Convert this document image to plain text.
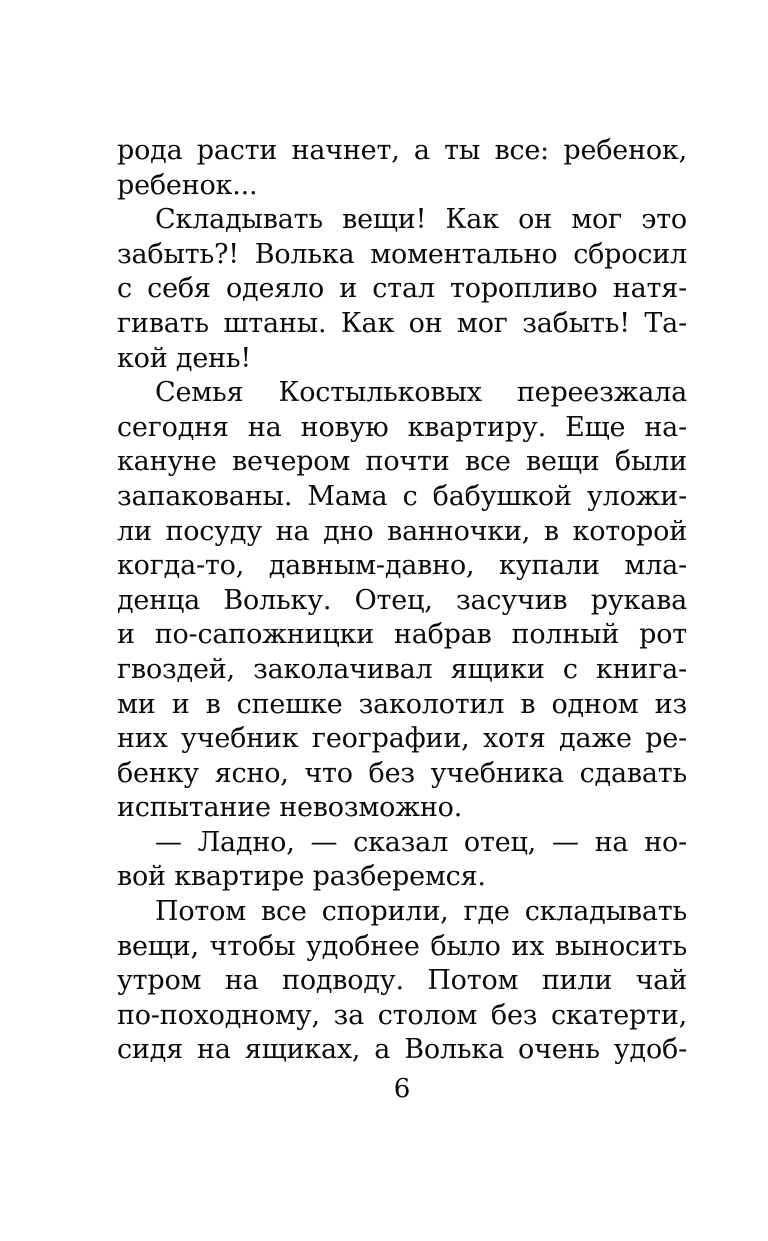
рода расти начнет, а ты все: ребенок,
ребенок...
Складывать вещи! Как он мог это
забыть?! Волька моментально сбросил
с себя одеяло и стал торопливо натя-
гивать штаны. Как он мог забыть! Та-
кой день!
Семья Костыльковых переезжала
сегодня на новую квартиру. Еще на-
кануне вечером почти все вещи были
запакованы. Мама с бабушкой уложи-
ли посуду на дно ванночки, в которой
когда-то, давным-давно, купали мла-
денца Вольку. Отец, засучив рукава
и по-сапожницки набрав полный рот
гвоздей, заколачивал ящики с книга-
ми и в спешке заколотил в одном из
них учебник географии, хотя даже ре-
бенку ясно, что без учебника сдавать
испытание невозможно.
— Ладно, — сказал отец, — на но-
вой квартире разберемся.
Потом все спорили, где складывать
вещи, чтобы удобнее было их выносить
утром на подводу. Потом пили чай
по-походному, за столом без скатерти,
сидя на ящиках, а Волька очень удоб-
6
